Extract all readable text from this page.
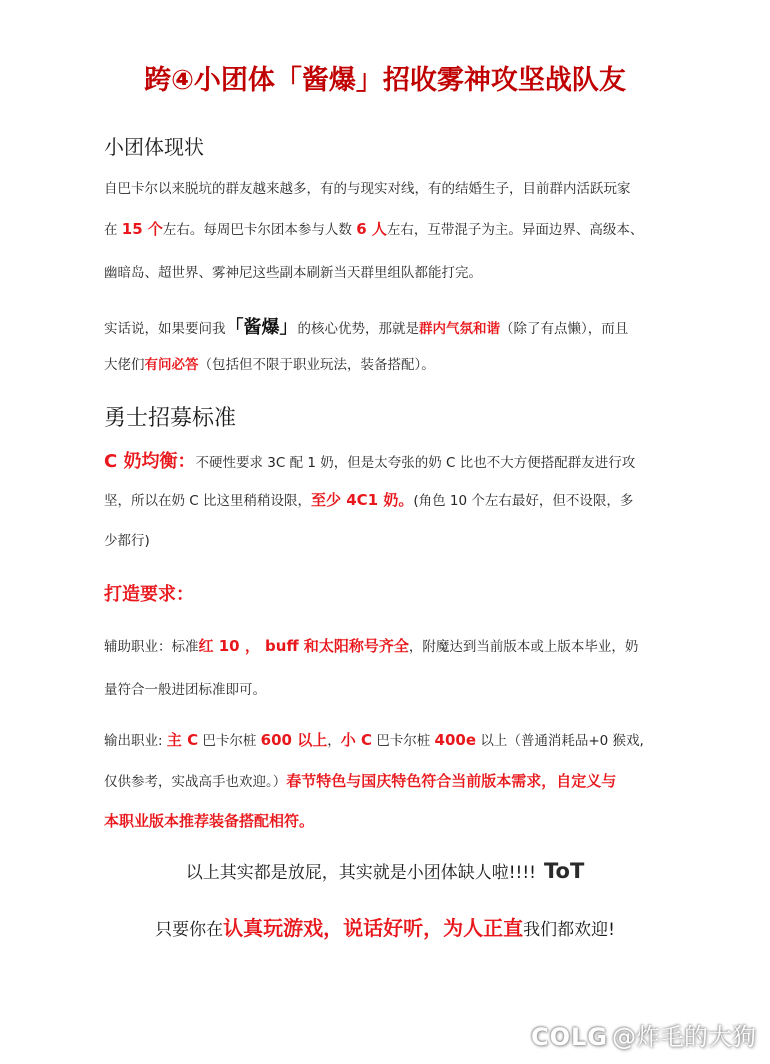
跨④小团体「酱爆」招收雾神攻坚战队友
小团体现状
自巴卡尔以来脱坑的群友越来越多，有的与现实对线，有的结婚生子，目前群内活跃玩家
在 15 个左右。每周巴卡尔团本参与人数 6 人左右，互带混子为主。异面边界、高级本、
幽暗岛、超世界、雾神尼这些副本刷新当天群里组队都能打完。
实话说，如果要问我「酱爆」的核心优势，那就是群内气氛和谐（除了有点懒），而且
大佬们有问必答（包括但不限于职业玩法，装备搭配）。
勇士招募标准
C 奶均衡：不硬性要求 3C 配 1 奶，但是太夸张的奶 C 比也不大方便搭配群友进行攻
坚，所以在奶 C 比这里稍稍设限，至少 4C1 奶。(角色 10 个左右最好，但不设限，多
少都行)
打造要求：
辅助职业：标准红 10 ， buff 和太阳称号齐全，附魔达到当前版本或上版本毕业，奶
量符合一般进团标准即可。
输出职业: 主 C 巴卡尔桩 600 以上，小 C 巴卡尔桩 400e 以上（普通消耗品+0 猴戏,
仅供参考，实战高手也欢迎。）春节特色与国庆特色符合当前版本需求，自定义与
本职业版本推荐装备搭配相符。
以上其实都是放屁，其实就是小团体缺人啦!!!! ToT
只要你在认真玩游戏，说话好听，为人正直我们都欢迎!
COLG @炸毛的大狗
